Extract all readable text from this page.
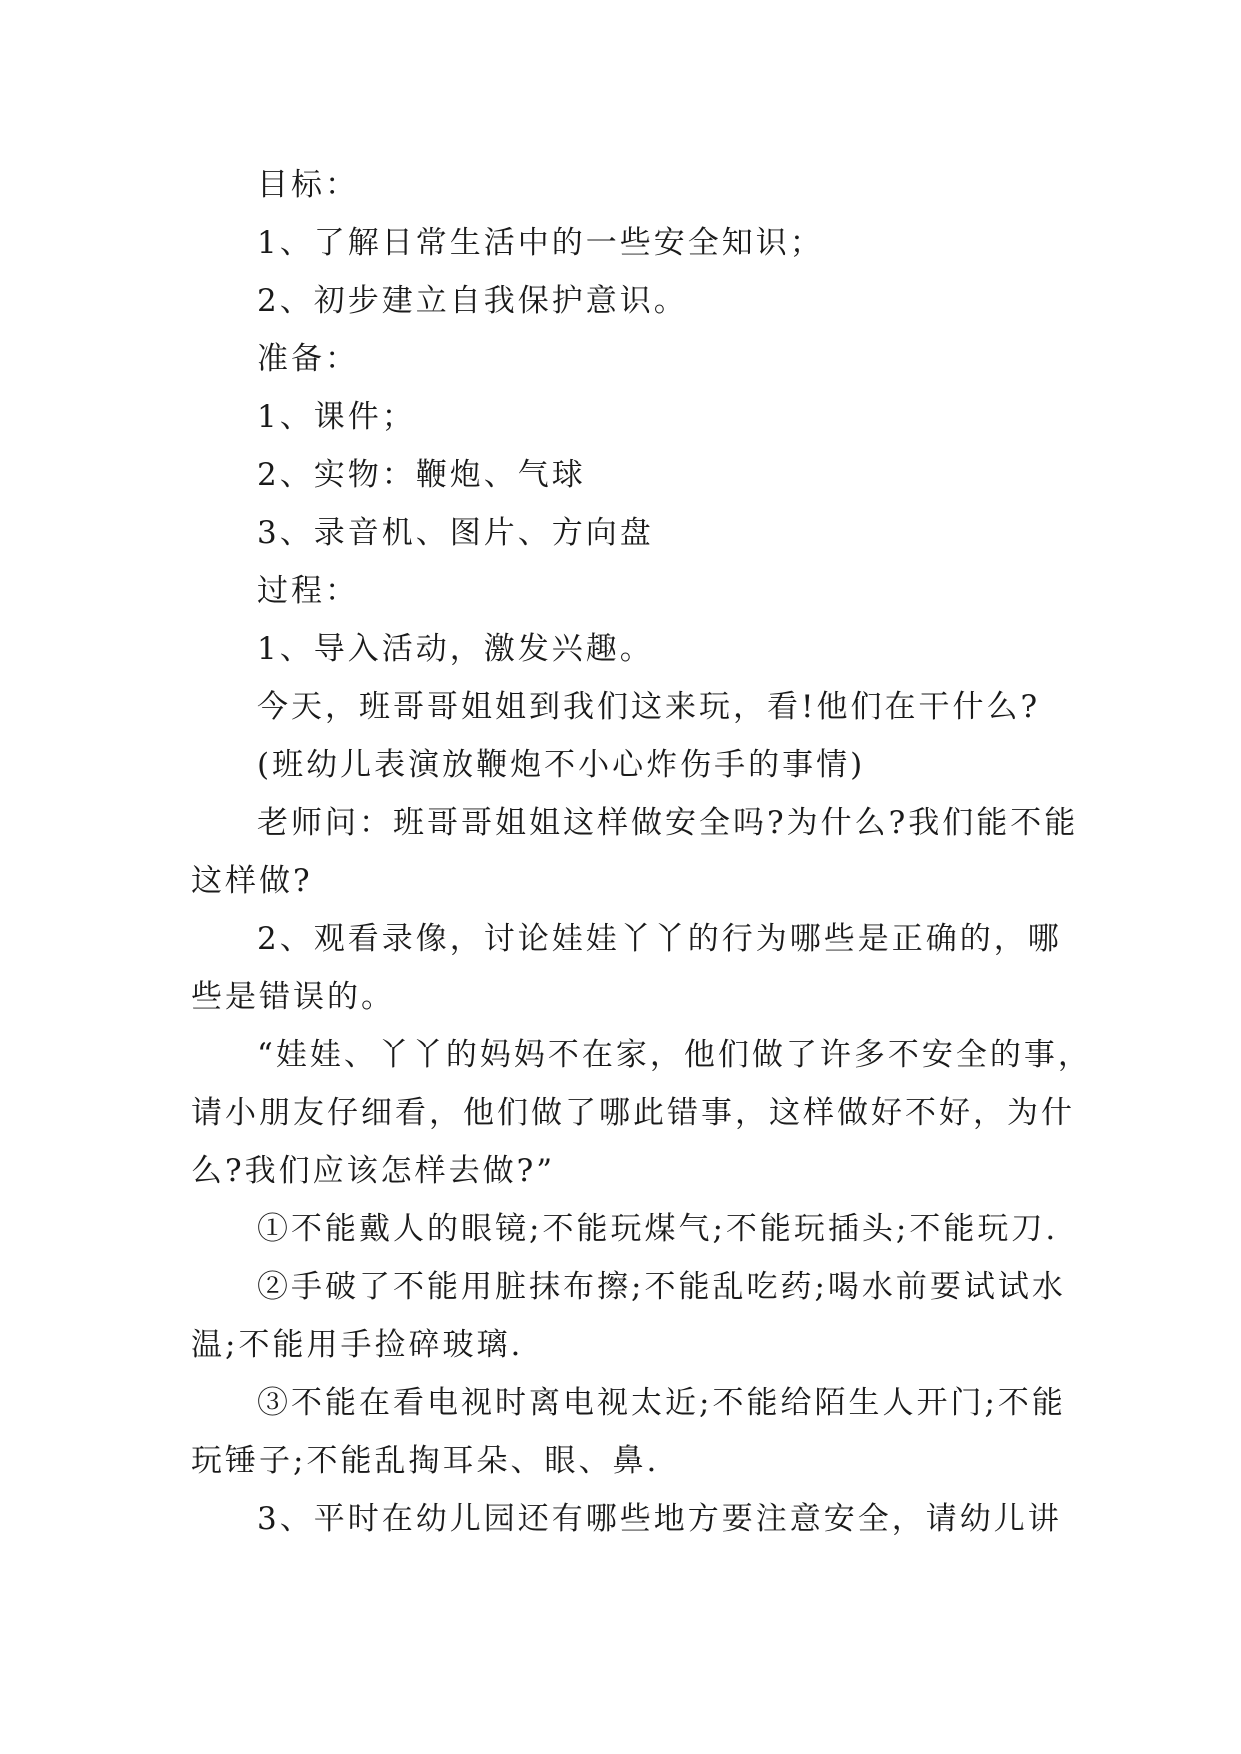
目标：
1、了解日常生活中的一些安全知识；
2、初步建立自我保护意识。
准备：
1、课件；
2、实物：鞭炮、气球
3、录音机、图片、方向盘
过程：
1、导入活动，激发兴趣。
今天，班哥哥姐姐到我们这来玩，看!他们在干什么?
(班幼儿表演放鞭炮不小心炸伤手的事情)
老师问：班哥哥姐姐这样做安全吗?为什么?我们能不能
这样做?
2、观看录像，讨论娃娃丫丫的行为哪些是正确的，哪
些是错误的。
“娃娃、丫丫的妈妈不在家，他们做了许多不安全的事，
请小朋友仔细看，他们做了哪此错事，这样做好不好，为什
么?我们应该怎样去做?”
①不能戴人的眼镜;不能玩煤气;不能玩插头;不能玩刀.
②手破了不能用脏抹布擦;不能乱吃药;喝水前要试试水
温;不能用手捡碎玻璃.
③不能在看电视时离电视太近;不能给陌生人开门;不能
玩锤子;不能乱掏耳朵、眼、鼻.
3、平时在幼儿园还有哪些地方要注意安全，请幼儿讲
